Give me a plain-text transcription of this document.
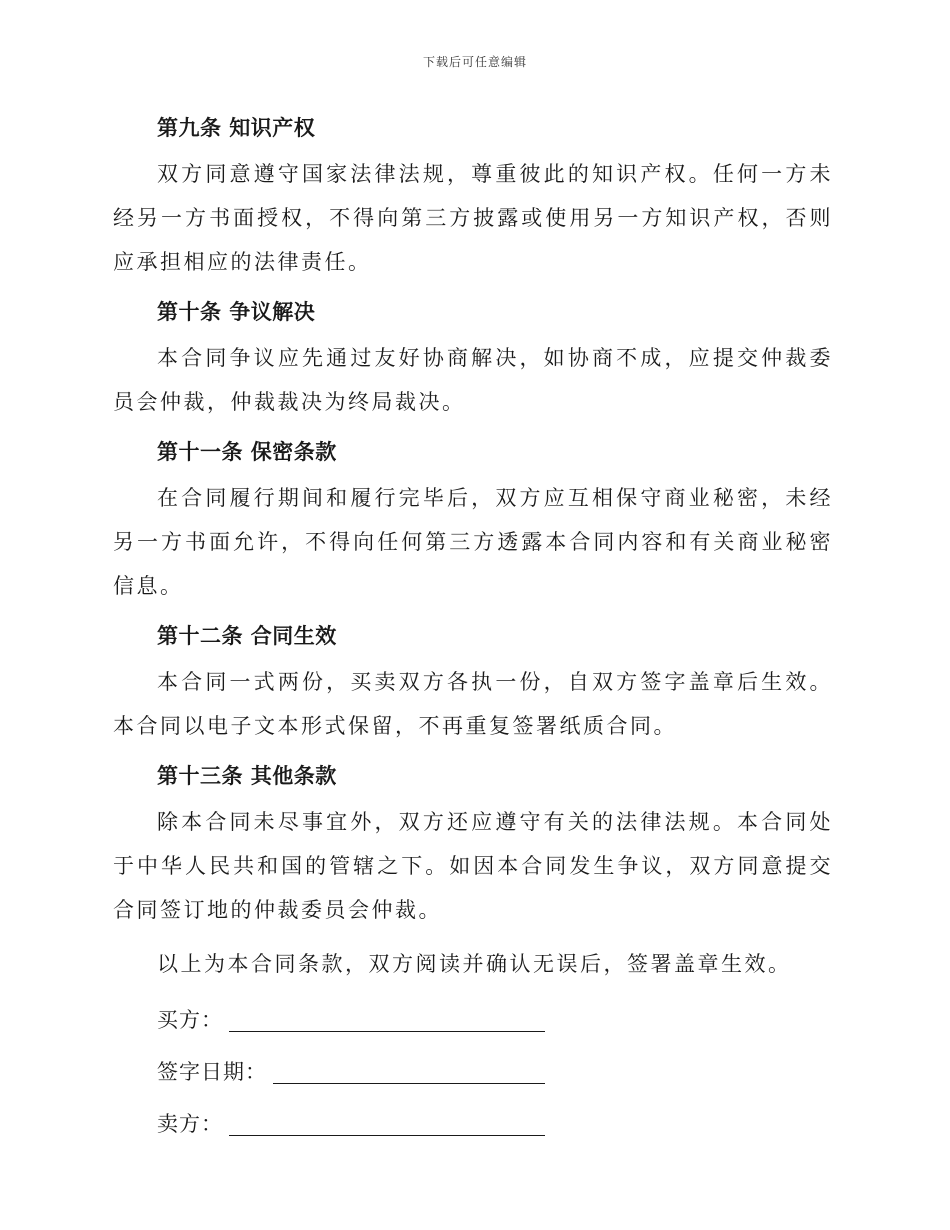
下载后可任意编辑
第九条 知识产权

双方同意遵守国家法律法规，尊重彼此的知识产权。任何一方未经另一方书面授权，不得向第三方披露或使用另一方知识产权，否则应承担相应的法律责任。

第十条 争议解决

本合同争议应先通过友好协商解决，如协商不成，应提交仲裁委员会仲裁，仲裁裁决为终局裁决。

第十一条 保密条款

在合同履行期间和履行完毕后，双方应互相保守商业秘密，未经另一方书面允许，不得向任何第三方透露本合同内容和有关商业秘密信息。

第十二条 合同生效

本合同一式两份，买卖双方各执一份，自双方签字盖章后生效。本合同以电子文本形式保留，不再重复签署纸质合同。

第十三条 其他条款

除本合同未尽事宜外，双方还应遵守有关的法律法规。本合同处于中华人民共和国的管辖之下。如因本合同发生争议，双方同意提交合同签订地的仲裁委员会仲裁。

以上为本合同条款，双方阅读并确认无误后，签署盖章生效。

买方：
签字日期：
卖方：
